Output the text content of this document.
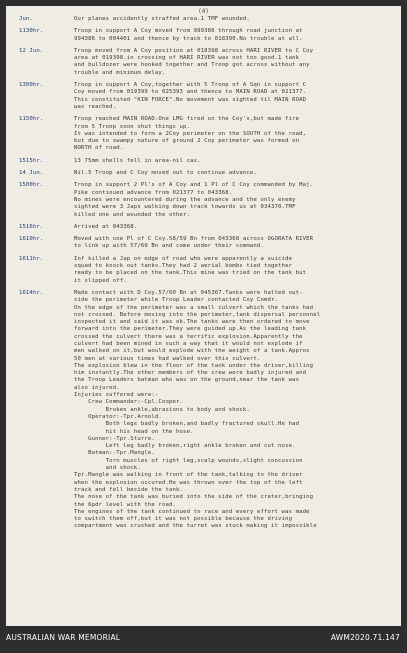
(4)
Jun.	Our planes accidently straffed area.1 TMF wounded.
1130hr.	Troop in support A Coy moved from 999386 through road junction at
994386 to 004401 and thence by track to 018390.No trouble at all.
12 Jun.	Troop moved from A Coy position at 018398 across HARI RIVER to C Coy
area at 019398.in crossing of HARI RIVER was not too good.1 tank
and bulldozer were hooked together and Troop got across without any
trouble and minimum delay.
1300hr.	Troop in support A Coy,together with 5 Troop of A Sqn in support C
Coy moved from 019399 to 025393 and thence to MAIN ROAD at 021377.
This constituted "KIN FORCE".No movement was sighted til MAIN ROAD
was reached.
1150hr.	Troop reached MAIN ROAD.One LMG fired on the Coy's,but made fire
from 5 Troop soon shut things up.
It was intended to form a 2Coy perimeter on the SOUTH of the road,
but due to swampy nature of ground 2 Coy perimeter was formed on
NORTH of road.
1515hr.	13 75mm shells fell in area-nil cas.
14 Jun.	Nil.5 Troop and C Coy moved out to continue advance.
1500hr.	Troop in support 2 Pl's of A Coy and 1 Pl of C Coy commanded by Maj.
Pike continued advance from 021377 to 043368.
No mines were encountered during the advance and the only enemy
sighted were 3 Japs walking down track towards us at 034370.TMF
killed one and wounded the other.
1516hr.	Arrived at 043368.
1610hr.	Moved with one Pl of C Coy.58/59 Bn from 043368 across OGORATA RIVER
to link up with 57/60 Bn and come under their command.
1611hr.	Inf killed a Jap on edge of road who were apparently a suicide
squad to knock out tanks.They had 2 aerial bombs tied together
ready to be placed on the tank.This mine was tried on the tank but
it slipped off.
1614hr.	Made contact with D Coy.57/60 Bn at 045367.Tanks were halted out-
side the perimeter while Troop Leader contacted Coy Comdr.
On the edge of the perimeter was a small culvert which the tanks had
not crossed. Before moving into the perimeter,tank dispersal personnel
inspected it and said it was ok.The tanks were then ordered to move
forward into the perimeter.They were guided up.As the leading tank
crossed the culvert there was a terrific explosion.Apparently the
culvert had been mined in such a way that it would not explode if
men walked on it,but would explode with the weight of a tank.Approx
50 men at various times had walked over this culvert.
The explosion blew in the floor of the tank under the driver,killing
him instantly.The other members of the crew were badly injured and
the Troop Leaders batman who was on the ground,near the tank was
also injured.
Injuries suffered were:-
Crew Commander:-Cpl.Cooper.
Broken ankle,abrasions to body and shock.
Operator:-Tpr.Arnold.
Both legs badly broken,and badly fractured skull.He had
hit his head on the hose.
Gunner:-Tpr.Sturre.
Left leg badly broken,right ankle broken and cut nose.
Batman:-Tpr.Mangle.
Torn muscles of right leg,scalp wounds,slight concussion
and shock.
Tpr.Mangle was walking in front of the tank,talking to the driver
when the explosion occured.He was thrown over the top of the left
track and fell beside the tank.
The nose of the tank was buried into the side of the crater,bringing
the 6pdr level with the road.
The engines of the tank continued to race and every effort was made
to switch them off,but it was not possible because the driving
compartment was crushed and the turret was stuck making it impossible
AUSTRALIAN WAR MEMORIAL	AWM2020.71.147
